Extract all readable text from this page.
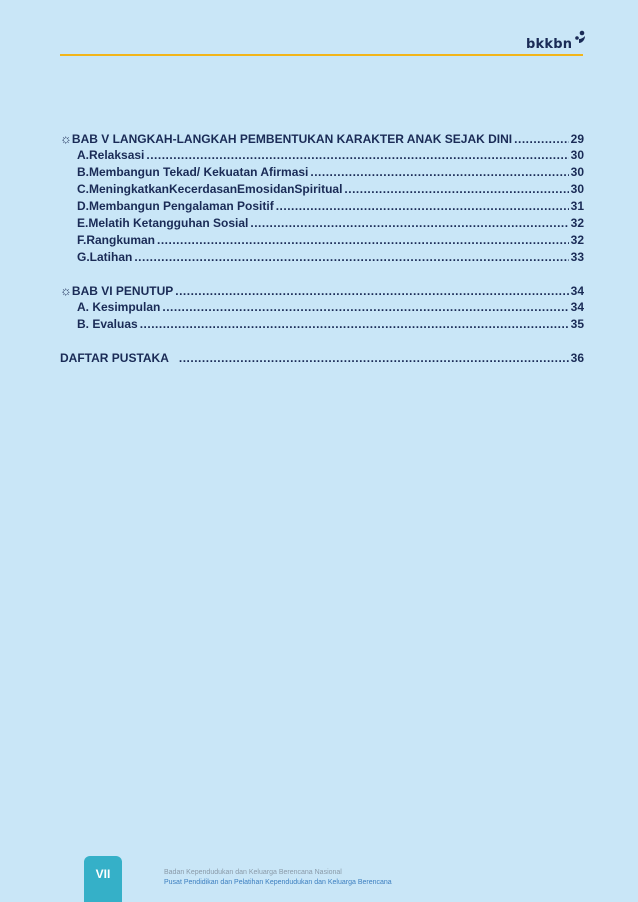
bkkbn
☼ BAB V LANGKAH-LANGKAH PEMBENTUKAN KARAKTER ANAK SEJAK DINI .....	29
A.Relaksasi .....	30
B.Membangun Tekad/ Kekuatan Afirmasi .....	30
C.MeningkatkanKecerdasanEmosidanSpiritual .....	30
D.Membangun Pengalaman Positif .....	31
E.Melatih Ketangguhan Sosial .....	32
F.Rangkuman .....	32
G.Latihan .....	33
☼ BAB VI PENUTUP .....	34
A. Kesimpulan .....	34
B. Evaluas .....	35
DAFTAR PUSTAKA .....	36
VII	Badan Kependudukan dan Keluarga Berencana Nasional
Pusat Pendidikan dan Pelatihan Kependudukan dan Keluarga Berencana
